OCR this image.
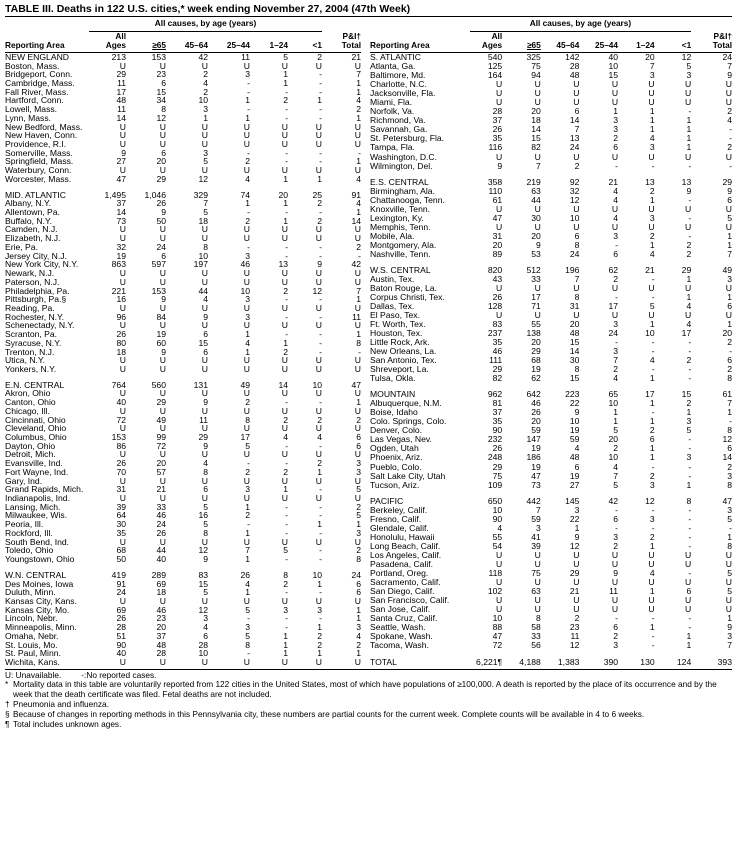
TABLE III. Deaths in 122 U.S. cities,* week ending November 27, 2004 (47th Week)
	All causes, by age (years)						
Reporting Area	All
Ages	≥65	45–64	25–44	1–24	<1	P&I†
Total
NEW ENGLAND	213	153	42	11	5	2	21
Boston, Mass.	U	U	U	U	U	U	U
Bridgeport, Conn.	29	23	2	3	1	-	7
Cambridge, Mass.	11	6	4	-	1	-	1
Fall River, Mass.	17	15	2	-	-	-	1
Hartford, Conn.	48	34	10	1	2	1	4
Lowell, Mass.	11	8	3	-	-	-	2
Lynn, Mass.	14	12	1	1	-	-	1
New Bedford, Mass.	U	U	U	U	U	U	U
New Haven, Conn.	U	U	U	U	U	U	U
Providence, R.I.	U	U	U	U	U	U	U
Somerville, Mass.	9	6	3	-	-	-	-
Springfield, Mass.	27	20	5	2	-	-	1
Waterbury, Conn.	U	U	U	U	U	U	U
Worcester, Mass.	47	29	12	4	1	1	4

MID. ATLANTIC	1,495	1,046	329	74	20	25	91
Albany, N.Y.	37	26	7	1	1	2	4
Allentown, Pa.	14	9	5	-	-	-	1
Buffalo, N.Y.	73	50	18	2	1	2	14
Camden, N.J.	U	U	U	U	U	U	U
Elizabeth, N.J.	U	U	U	U	U	U	U
Erie, Pa.	32	24	8	-	-	-	2
Jersey City, N.J.	19	6	10	3	-	-	-
New York City, N.Y.	863	597	197	46	13	9	42
Newark, N.J.	U	U	U	U	U	U	U
Paterson, N.J.	U	U	U	U	U	U	U
Philadelphia, Pa.	221	153	44	10	2	12	7
Pittsburgh, Pa.§	16	9	4	3	-	-	1
Reading, Pa.	U	U	U	U	U	U	U
Rochester, N.Y.	96	84	9	3	-	-	11
Schenectady, N.Y.	U	U	U	U	U	U	U
Scranton, Pa.	26	19	6	1	-	-	1
Syracuse, N.Y.	80	60	15	4	1	-	8
Trenton, N.J.	18	9	6	1	2	-	-
Utica, N.Y.	U	U	U	U	U	U	U
Yonkers, N.Y.	U	U	U	U	U	U	U

E.N. CENTRAL	764	560	131	49	14	10	47
Akron, Ohio	U	U	U	U	U	U	U
Canton, Ohio	40	29	9	2	-	-	1
Chicago, Ill.	U	U	U	U	U	U	U
Cincinnati, Ohio	72	49	11	8	2	2	2
Cleveland, Ohio	U	U	U	U	U	U	U
Columbus, Ohio	153	99	29	17	4	4	6
Dayton, Ohio	86	72	9	5	-	-	6
Detroit, Mich.	U	U	U	U	U	U	U
Evansville, Ind.	26	20	4	-	-	2	3
Fort Wayne, Ind.	70	57	8	2	2	1	3
Gary, Ind.	U	U	U	U	U	U	U
Grand Rapids, Mich.	31	21	6	3	1	-	5
Indianapolis, Ind.	U	U	U	U	U	U	U
Lansing, Mich.	39	33	5	1	-	-	2
Milwaukee, Wis.	64	46	16	2	-	-	5
Peoria, Ill.	30	24	5	-	-	1	1
Rockford, Ill.	35	26	8	1	-	-	3
South Bend, Ind.	U	U	U	U	U	U	U
Toledo, Ohio	68	44	12	7	5	-	2
Youngstown, Ohio	50	40	9	1	-	-	8

W.N. CENTRAL	419	289	83	26	8	10	24
Des Moines, Iowa	91	69	15	4	2	1	6
Duluth, Minn.	24	18	5	1	-	-	6
Kansas City, Kans.	U	U	U	U	U	U	U
Kansas City, Mo.	69	46	12	5	3	3	1
Lincoln, Nebr.	26	23	3	-	-	-	1
Minneapolis, Minn.	28	20	4	3	-	1	3
Omaha, Nebr.	51	37	6	5	1	2	4
St. Louis, Mo.	90	48	28	8	1	2	2
St. Paul, Minn.	40	28	10	-	1	1	1
Wichita, Kans.	U	U	U	U	U	U	U
	All causes, by age (years)						
Reporting Area	All
Ages	≥65	45–64	25–44	1–24	<1	P&I†
Total
S. ATLANTIC	540	325	142	40	20	12	24
Atlanta, Ga.	125	75	28	10	7	5	7
Baltimore, Md.	164	94	48	15	3	3	9
Charlotte, N.C.	U	U	U	U	U	U	U
Jacksonville, Fla.	U	U	U	U	U	U	U
Miami, Fla.	U	U	U	U	U	U	U
Norfolk, Va.	28	20	6	1	1	-	2
Richmond, Va.	37	18	14	3	1	1	4
Savannah, Ga.	26	14	7	3	1	1	-
St. Petersburg, Fla.	35	15	13	2	4	1	-
Tampa, Fla.	116	82	24	6	3	1	2
Washington, D.C.	U	U	U	U	U	U	U
Wilmington, Del.	9	7	2	-	-	-	-

E.S. CENTRAL	358	219	92	21	13	13	29
Birmingham, Ala.	110	63	32	4	2	9	9
Chattanooga, Tenn.	61	44	12	4	1	-	6
Knoxville, Tenn.	U	U	U	U	U	U	U
Lexington, Ky.	47	30	10	4	3	-	5
Memphis, Tenn.	U	U	U	U	U	U	U
Mobile, Ala.	31	20	6	3	2	-	1
Montgomery, Ala.	20	9	8	-	1	2	1
Nashville, Tenn.	89	53	24	6	4	2	7

W.S. CENTRAL	820	512	196	62	21	29	49
Austin, Tex.	43	33	7	2	-	1	3
Baton Rouge, La.	U	U	U	U	U	U	U
Corpus Christi, Tex.	26	17	8	-	-	1	1
Dallas, Tex.	128	71	31	17	5	4	6
El Paso, Tex.	U	U	U	U	U	U	U
Ft. Worth, Tex.	83	55	20	3	1	4	1
Houston, Tex.	237	138	48	24	10	17	20
Little Rock, Ark.	35	20	15	-	-	-	2
New Orleans, La.	46	29	14	3	-	-	-
San Antonio, Tex.	111	68	30	7	4	2	6
Shreveport, La.	29	19	8	2	-	-	2
Tulsa, Okla.	82	62	15	4	1	-	8

MOUNTAIN	962	642	223	65	17	15	61
Albuquerque, N.M.	81	46	22	10	1	2	7
Boise, Idaho	37	26	9	1	-	1	1
Colo. Springs, Colo.	35	20	10	1	1	3	-
Denver, Colo.	90	59	19	5	2	5	8
Las Vegas, Nev.	232	147	59	20	6	-	12
Ogden, Utah	26	19	4	2	1	-	6
Phoenix, Ariz.	248	186	48	10	1	3	14
Pueblo, Colo.	29	19	6	4	-	-	2
Salt Lake City, Utah	75	47	19	7	2	-	3
Tucson, Ariz.	109	73	27	5	3	1	8

PACIFIC	650	442	145	42	12	8	47
Berkeley, Calif.	10	7	3	-	-	-	3
Fresno, Calif.	90	59	22	6	3	-	5
Glendale, Calif.	4	3	1	-	-	-	-
Honolulu, Hawaii	55	41	9	3	2	-	1
Long Beach, Calif.	54	39	12	2	1	-	8
Los Angeles, Calif.	U	U	U	U	U	U	U
Pasadena, Calif.	U	U	U	U	U	U	U
Portland, Oreg.	118	75	29	9	4	-	5
Sacramento, Calif.	U	U	U	U	U	U	U
San Diego, Calif.	102	63	21	11	1	6	5
San Francisco, Calif.	U	U	U	U	U	U	U
San Jose, Calif.	U	U	U	U	U	U	U
Santa Cruz, Calif.	10	8	2	-	-	-	1
Seattle, Wash.	88	58	23	6	1	-	9
Spokane, Wash.	47	33	11	2	-	1	3
Tacoma, Wash.	72	56	12	3	-	1	7

TOTAL	6,221¶	4,188	1,383	390	130	124	393
U: Unavailable. -:No reported cases.
* Mortality data in this table are voluntarily reported from 122 cities in the United States, most of which have populations of ≥100,000. A death is reported by the place of its occurrence and by the week that the death certificate was filed. Fetal deaths are not included.
† Pneumonia and influenza.
§ Because of changes in reporting methods in this Pennsylvania city, these numbers are partial counts for the current week. Complete counts will be available in 4 to 6 weeks.
¶ Total includes unknown ages.
